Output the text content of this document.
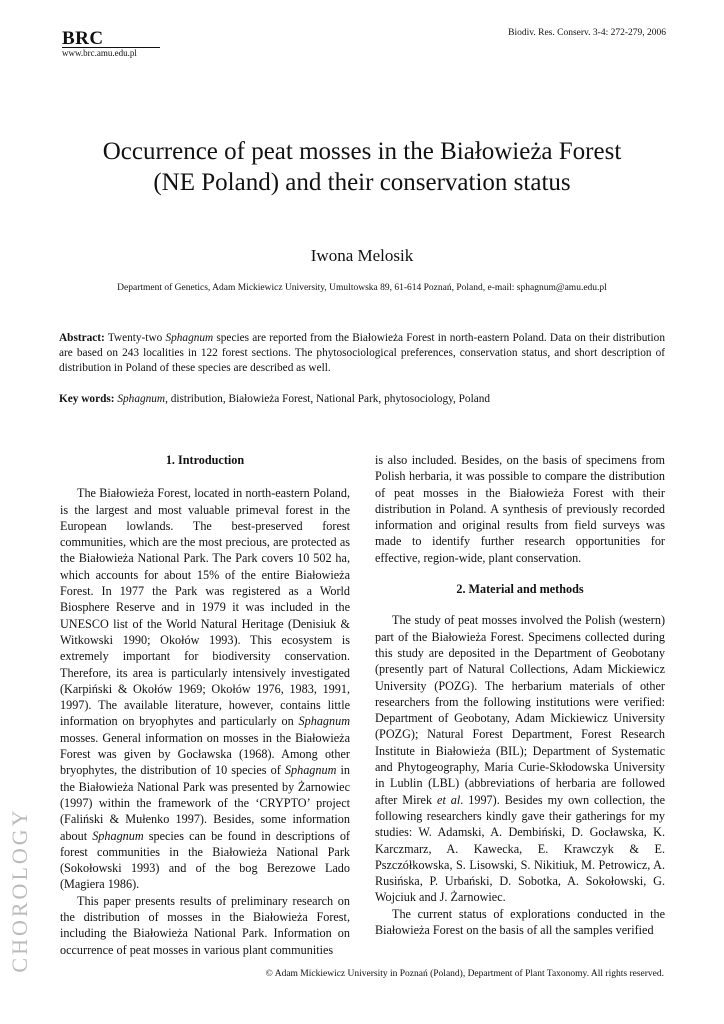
BRC
www.brc.amu.edu.pl
Biodiv. Res. Conserv. 3-4: 272-279, 2006
Occurrence of peat mosses in the Białowieża Forest
(NE Poland) and their conservation status
Iwona Melosik
Department of Genetics, Adam Mickiewicz University, Umultowska 89, 61-614 Poznań, Poland, e-mail: sphagnum@amu.edu.pl
Abstract: Twenty-two Sphagnum species are reported from the Białowieża Forest in north-eastern Poland. Data on their distribution are based on 243 localities in 122 forest sections. The phytosociological preferences, conservation status, and short description of distribution in Poland of these species are described as well.
Key words: Sphagnum, distribution, Białowieża Forest, National Park, phytosociology, Poland
1. Introduction

The Białowieża Forest, located in north-eastern Poland, is the largest and most valuable primeval forest in the European lowlands. The best-preserved forest communities, which are the most precious, are protected as the Białowieża National Park. The Park covers 10 502 ha, which accounts for about 15% of the entire Białowieża Forest. In 1977 the Park was registered as a World Biosphere Reserve and in 1979 it was included in the UNESCO list of the World Natural Heritage (Denisiuk & Witkowski 1990; Okołów 1993). This ecosystem is extremely important for biodiversity conservation. Therefore, its area is particularly intensively investigated (Karpiński & Okołów 1969; Okołów 1976, 1983, 1991, 1997). The available literature, however, contains little information on bryophytes and particularly on Sphagnum mosses. General information on mosses in the Białowieża Forest was given by Gocławska (1968). Among other bryophytes, the distribution of 10 species of Sphagnum in the Białowieża National Park was presented by Żarnowiec (1997) within the framework of the ‘CRYPTO’ project (Faliński & Mułenko 1997). Besides, some information about Sphagnum species can be found in descriptions of forest communities in the Białowieża National Park (Sokołowski 1993) and of the bog Berezowe Lado (Magiera 1986).

This paper presents results of preliminary research on the distribution of mosses in the Białowieża Forest, including the Białowieża National Park. Information on occurrence of peat mosses in various plant communities

is also included. Besides, on the basis of specimens from Polish herbaria, it was possible to compare the distribution of peat mosses in the Białowieża Forest with their distribution in Poland. A synthesis of previously recorded information and original results from field surveys was made to identify further research opportunities for effective, region-wide, plant conservation.

2. Material and methods

The study of peat mosses involved the Polish (western) part of the Białowieża Forest. Specimens collected during this study are deposited in the Department of Geobotany (presently part of Natural Collections, Adam Mickiewicz University (POZG). The herbarium materials of other researchers from the following institutions were verified: Department of Geobotany, Adam Mickiewicz University (POZG); Natural Forest Department, Forest Research Institute in Białowieża (BIL); Department of Systematic and Phytogeography, Maria Curie-Skłodowska University in Lublin (LBL) (abbreviations of herbaria are followed after Mirek et al. 1997). Besides my own collection, the following researchers kindly gave their gatherings for my studies: W. Adamski, A. Dembiński, D. Gocławska, K. Karczmarz, A. Kawecka, E. Krawczyk & E. Pszczółkowska, S. Lisowski, S. Nikitiuk, M. Petrowicz, A. Rusińska, P. Urbański, D. Sobotka, A. Sokołowski, G. Wojciuk and J. Żarnowiec.

The current status of explorations conducted in the Białowieża Forest on the basis of all the samples verified

CHOROLOGY
© Adam Mickiewicz University in Poznań (Poland), Department of Plant Taxonomy. All rights reserved.
